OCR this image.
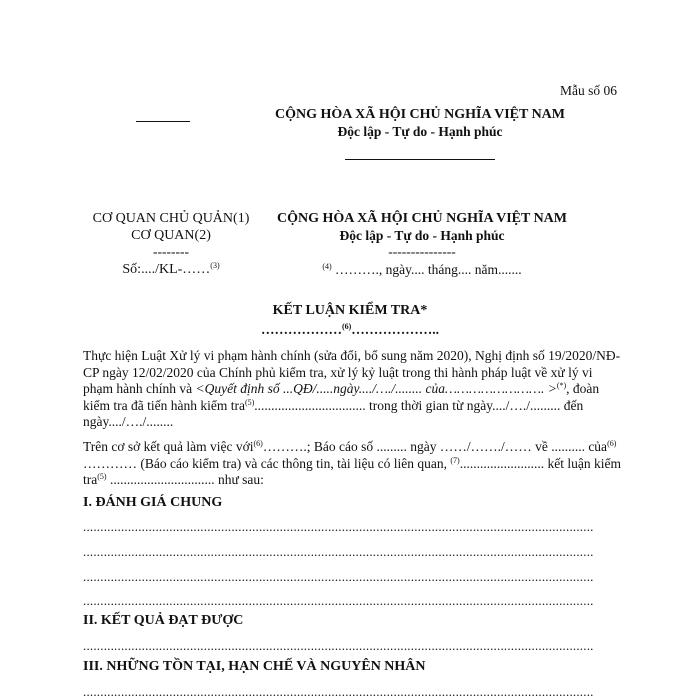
Mẫu số 06
CỘNG HÒA XÃ HỘI CHỦ NGHĨA VIỆT NAM
Độc lập - Tự do - Hạnh phúc
CƠ QUAN CHỦ QUẢN(1)
CƠ QUAN(2)
--------
Số:..../KL-……$^{(3)}$
CỘNG HÒA XÃ HỘI CHỦ NGHĨA VIỆT NAM
Độc lập - Tự do - Hạnh phúc
---------------
$^{(4)}$ ………., ngày.... tháng.... năm.......
KẾT LUẬN KIỂM TRA*
………………$^{(6)}$………………..
Thực hiện Luật Xử lý vi phạm hành chính (sửa đổi, bổ sung năm 2020), Nghị định số 19/2020/NĐ-CP ngày 12/02/2020 của Chính phủ kiểm tra, xử lý kỷ luật trong thi hành pháp luật về xử lý vi phạm hành chính và <Quyết định số ...QĐ/.....ngày..../…./........ của……………………. >(*), đoàn kiểm tra đã tiến hành kiểm tra$^{(5)}$................................. trong thời gian từ ngày..../…./......... đến ngày..../…./........
Trên cơ sở kết quả làm việc với$^{(6)}$……….; Báo cáo số ......... ngày ……/……./…… về .......... của$^{(6)}$ ………… (Báo cáo kiểm tra) và các thông tin, tài liệu có liên quan, $^{(7)}$......................... kết luận kiểm tra$^{(5)}$ ............................... như sau:
I. ĐÁNH GIÁ CHUNG
....................................................................................................................................................
....................................................................................................................................................
....................................................................................................................................................
....................................................................................................................................................
II. KẾT QUẢ ĐẠT ĐƯỢC
....................................................................................................................................................
III. NHỮNG TỒN TẠI, HẠN CHẾ VÀ NGUYÊN NHÂN
....................................................................................................................................................
